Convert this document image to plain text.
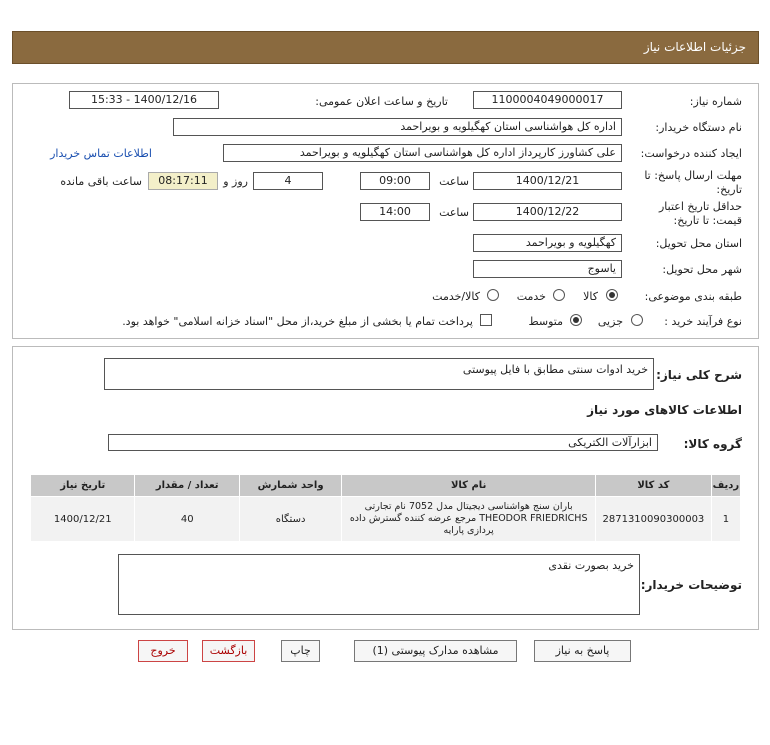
جزئیات اطلاعات نیاز
شماره نیاز:
1100004049000017
تاریخ و ساعت اعلان عمومی:
1400/12/16 - 15:33
نام دستگاه خریدار:
اداره کل هواشناسی استان کهگیلویه و بویراحمد
ایجاد کننده درخواست:
علی کشاورز کارپرداز اداره کل هواشناسی استان کهگیلویه و بویراحمد
اطلاعات تماس خریدار
مهلت ارسال پاسخ: تا تاریخ:
1400/12/21
ساعت
09:00
4
روز و
08:17:11
ساعت باقی مانده
حداقل تاریخ اعتبار قیمت: تا تاریخ:
1400/12/22
ساعت
14:00
استان محل تحویل:
کهگیلویه و بویراحمد
شهر محل تحویل:
یاسوج
طبقه بندی موضوعی:
کالا
خدمت
کالا/خدمت
نوع فرآیند خرید :
جزیی
متوسط
پرداخت تمام یا بخشی از مبلغ خرید،از محل "اسناد خزانه اسلامی" خواهد بود.
شرح کلی نیاز:
خرید ادوات سنتی مطابق با فایل پیوستی
اطلاعات کالاهای مورد نیاز
گروه کالا:
ابزارآلات الکتریکی
ردیف	کد کالا	نام کالا	واحد شمارش	تعداد / مقدار	تاریخ نیاز
1	2871310090300003	باران سنج هواشناسی دیجیتال مدل 7052 نام تجارتی THEODOR FRIEDRICHS مرجع عرضه کننده گسترش داده پردازی پارایه	دستگاه	40	1400/12/21
توضیحات خریدار:
خرید بصورت نقدی
پاسخ به نیاز
مشاهده مدارک پیوستی (1)
چاپ
بازگشت
خروج
